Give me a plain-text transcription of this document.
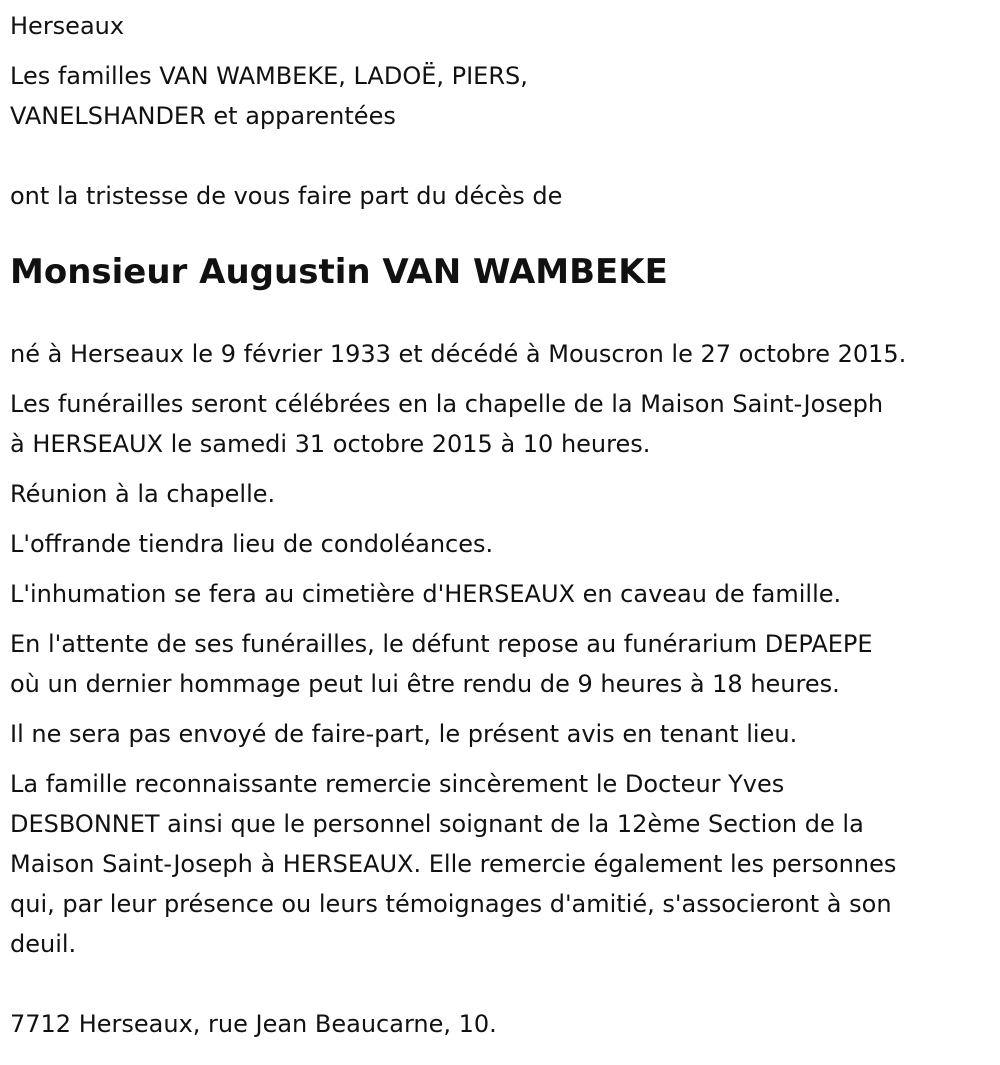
Herseaux

Les familles VAN WAMBEKE, LADOË, PIERS,

VANELSHANDER et apparentées

ont la tristesse de vous faire part du décès de

Monsieur Augustin VAN WAMBEKE

né à Herseaux le 9 février 1933 et décédé à Mouscron le 27 octobre 2015.

Les funérailles seront célébrées en la chapelle de la Maison Saint-Joseph

à HERSEAUX le samedi 31 octobre 2015 à 10 heures.

Réunion à la chapelle.

L'offrande tiendra lieu de condoléances.

L'inhumation se fera au cimetière d'HERSEAUX en caveau de famille.

En l'attente de ses funérailles, le défunt repose au funérarium DEPAEPE

où un dernier hommage peut lui être rendu de 9 heures à 18 heures.

Il ne sera pas envoyé de faire-part, le présent avis en tenant lieu.

La famille reconnaissante remercie sincèrement le Docteur Yves

DESBONNET ainsi que le personnel soignant de la 12ème Section de la

Maison Saint-Joseph à HERSEAUX. Elle remercie également les personnes

qui, par leur présence ou leurs témoignages d'amitié, s'associeront à son

deuil.

7712 Herseaux, rue Jean Beaucarne, 10.
